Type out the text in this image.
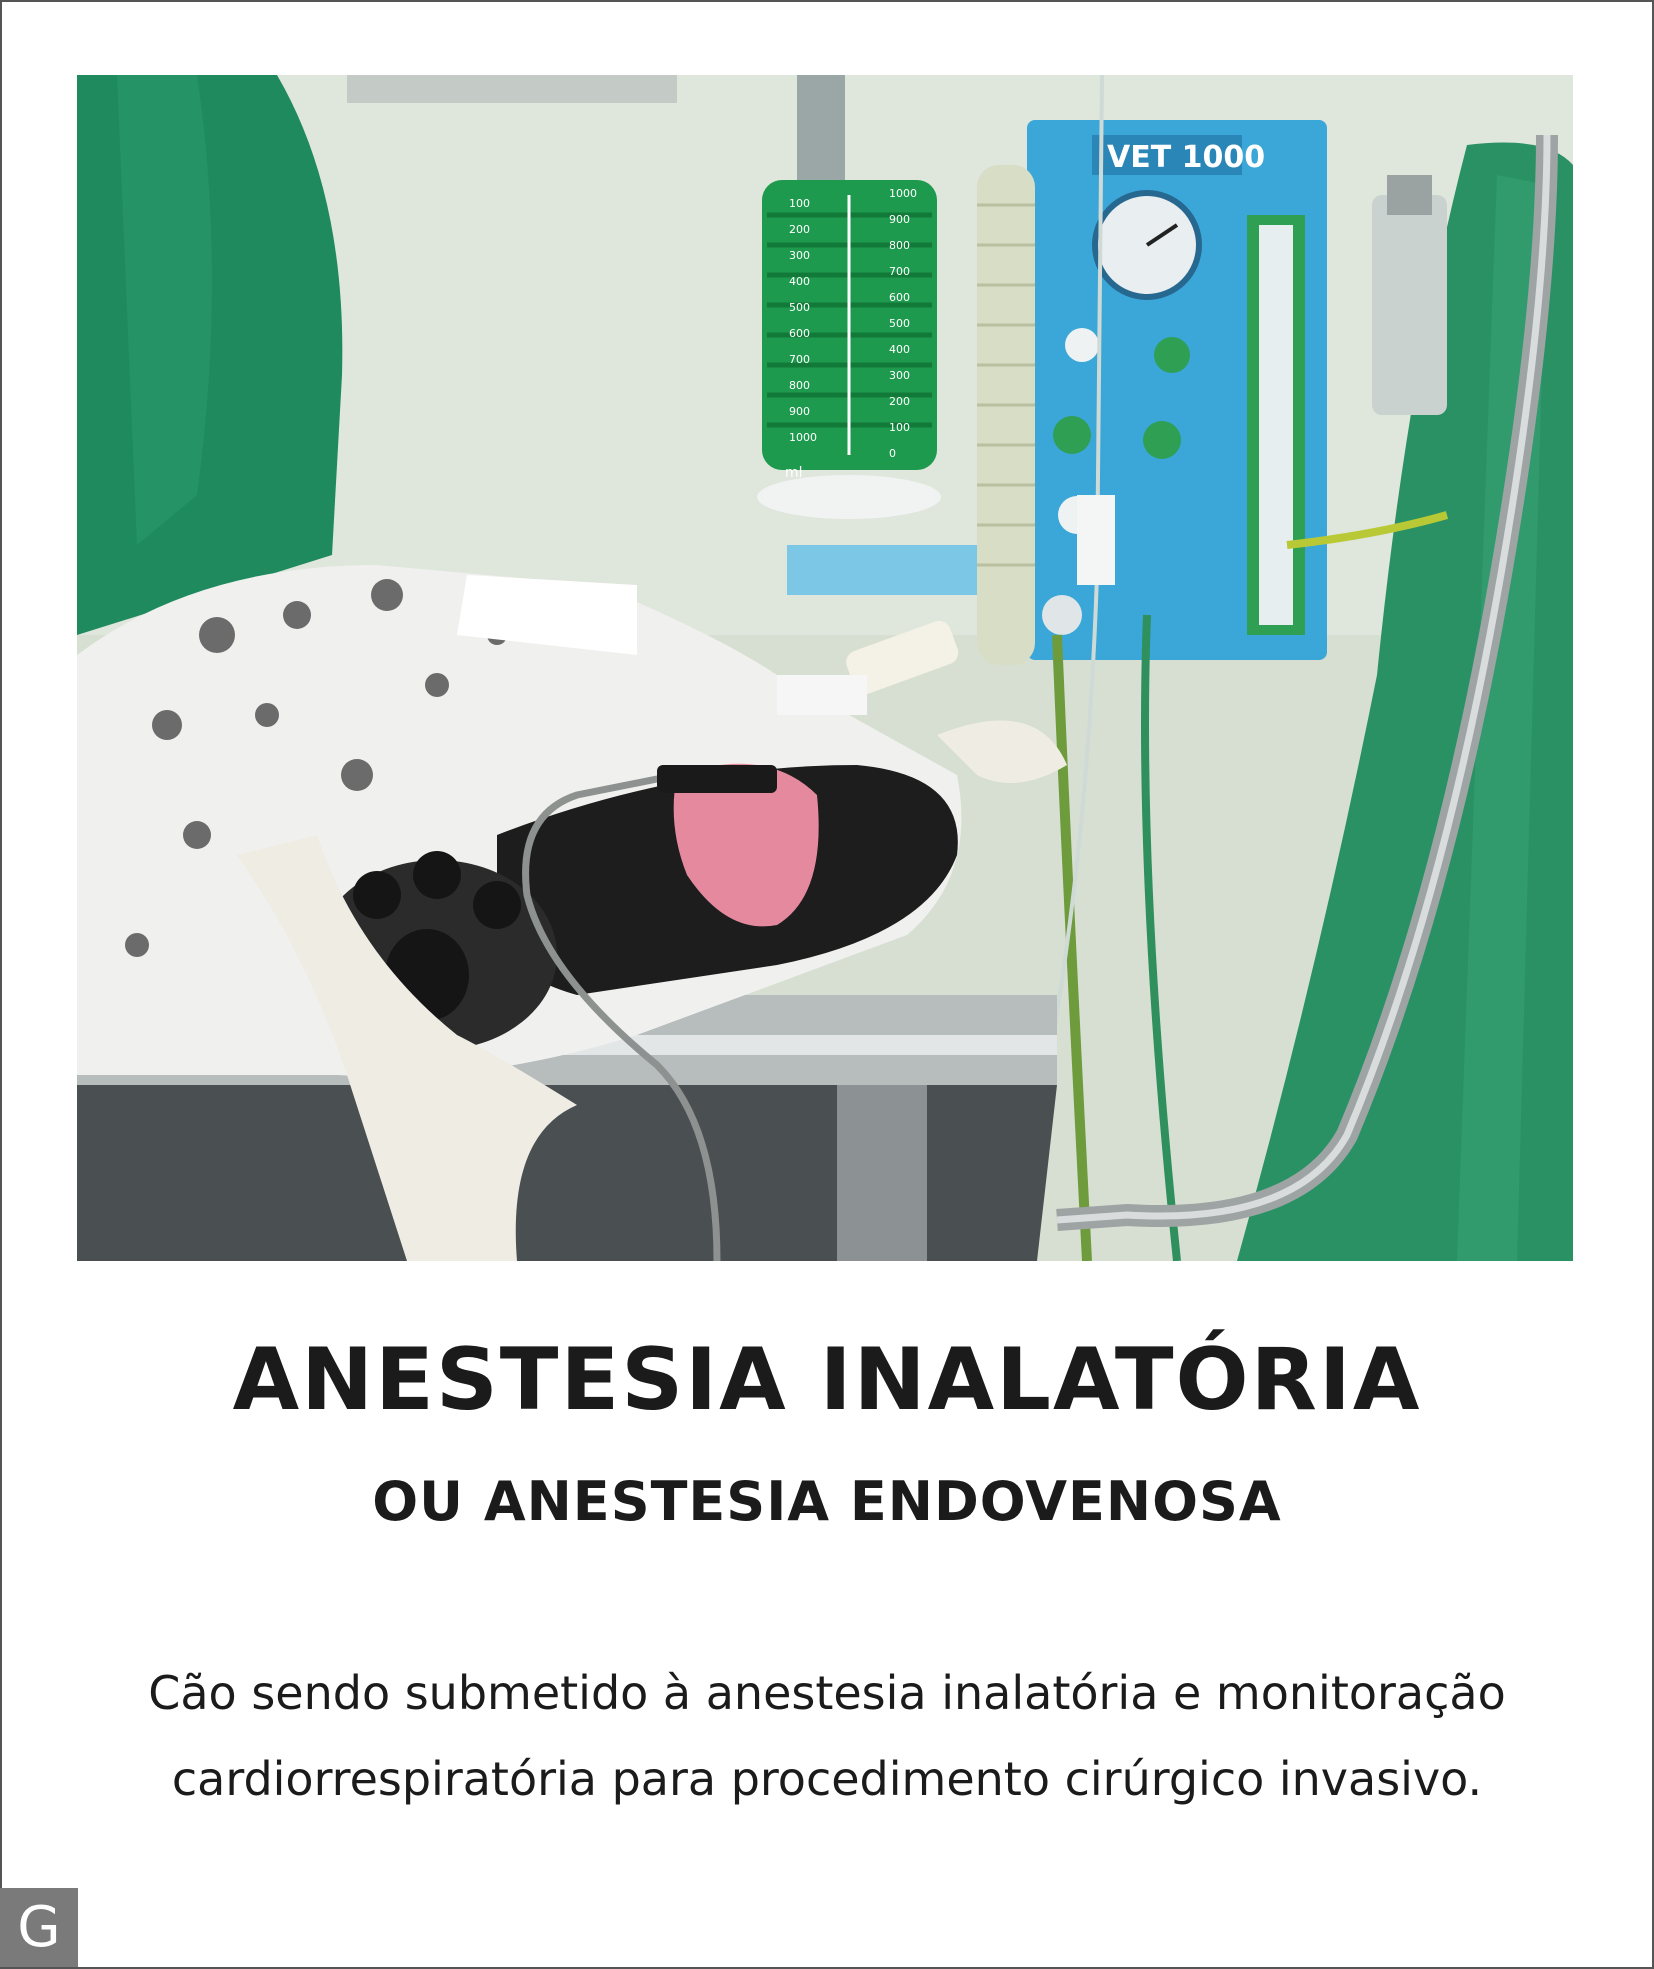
VET 1000
ml
100
200
300
400
500
600
700
800
900
1000
1000
900
800
700
600
500
400
300
200
100
0
ANESTESIA INALATÓRIA
OU ANESTESIA ENDOVENOSA

Cão sendo submetido à anestesia inalatória e monitoração
cardiorrespiratória para procedimento cirúrgico invasivo.

G
